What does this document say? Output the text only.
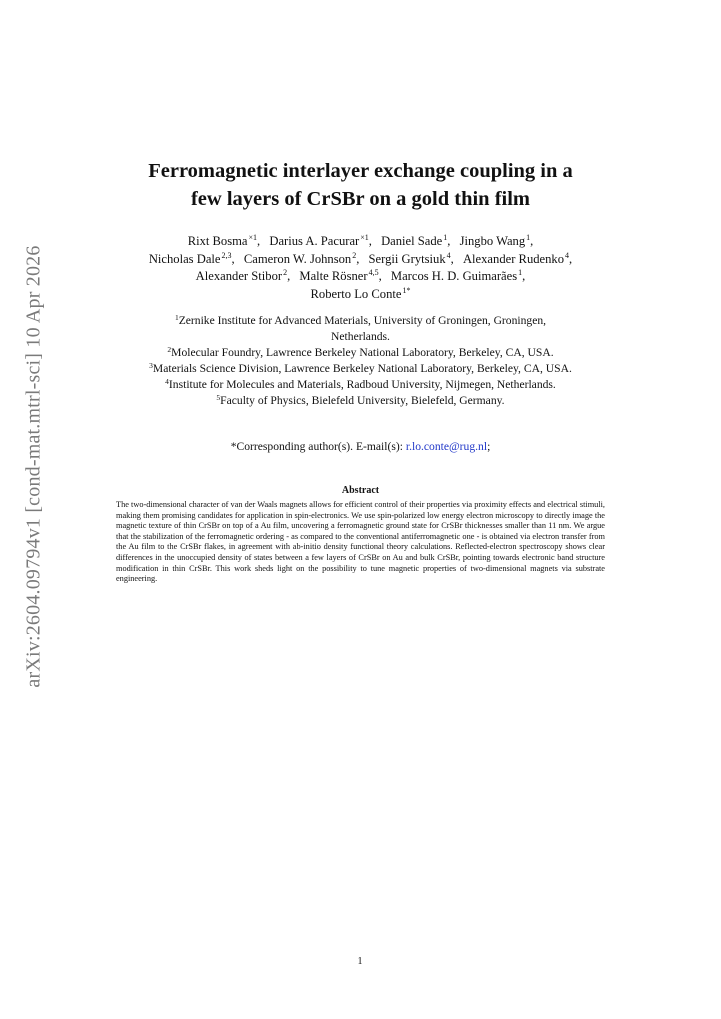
arXiv:2604.09794v1 [cond-mat.mtrl-sci] 10 Apr 2026
Ferromagnetic interlayer exchange coupling in a
few layers of CrSBr on a gold thin film
Rixt Bosma$^{\times 1}$, Darius A. Pacurar$^{\times 1}$, Daniel Sade$^1$, Jingbo Wang$^1$,
Nicholas Dale$^{2,3}$, Cameron W. Johnson$^2$, Sergii Grytsiuk$^4$, Alexander Rudenko$^4$,
Alexander Stibor$^2$, Malte Rösner$^{4,5}$, Marcos H. D. Guimarães$^1$,
Roberto Lo Conte$^{1*}$
$^1$Zernike Institute for Advanced Materials, University of Groningen, Groningen,
Netherlands.
$^2$Molecular Foundry, Lawrence Berkeley National Laboratory, Berkeley, CA, USA.
$^3$Materials Science Division, Lawrence Berkeley National Laboratory, Berkeley, CA, USA.
$^4$Institute for Molecules and Materials, Radboud University, Nijmegen, Netherlands.
$^5$Faculty of Physics, Bielefeld University, Bielefeld, Germany.
*Corresponding author(s). E-mail(s): r.lo.conte@rug.nl;
Abstract
The two-dimensional character of van der Waals magnets allows for efficient control of their properties via proximity effects and electrical stimuli, making them promising candidates for application in spin-electronics. We use spin-polarized low energy electron microscopy to directly image the magnetic texture of thin CrSBr on top of a Au film, uncovering a ferromagnetic ground state for CrSBr thicknesses smaller than 11 nm. We argue that the stabilization of the ferromagnetic ordering - as compared to the conventional antiferromagnetic one - is obtained via electron transfer from the Au film to the CrSBr flakes, in agreement with ab-initio density functional theory calculations. Reflected-electron spectroscopy shows clear differences in the unoccupied density of states between a few layers of CrSBr on Au and bulk CrSBr, pointing towards electronic band structure modification in thin CrSBr. This work sheds light on the possibility to tune magnetic properties of two-dimensional magnets via substrate engineering.
1
